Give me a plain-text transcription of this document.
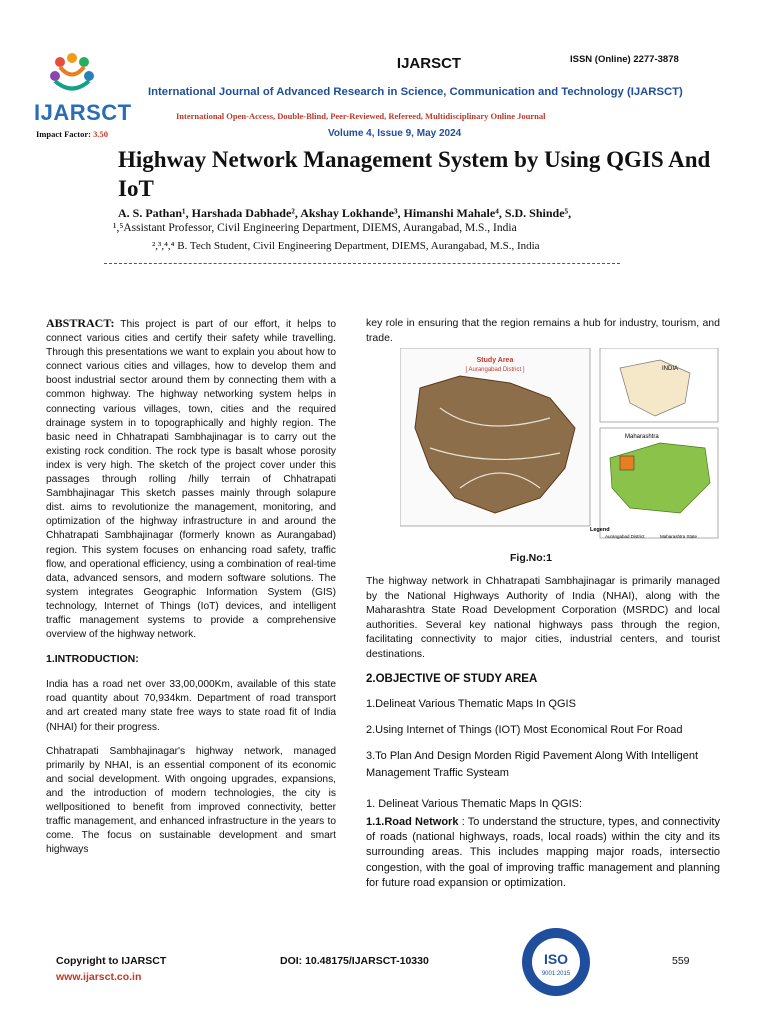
IJARSCT
Impact Factor: 3.50
IJARSCT	ISSN (Online) 2277-3878
International Journal of Advanced Research in Science, Communication and Technology (IJARSCT)
International Open-Access, Double-Blind, Peer-Reviewed, Refereed, Multidisciplinary Online Journal
Volume 4, Issue 9, May 2024
Highway Network Management System by Using QGIS And IoT
A. S. Pathan¹, Harshada Dabhade², Akshay Lokhande³, Himanshi Mahale⁴, S.D. Shinde⁵,
¹,⁵Assistant Professor, Civil Engineering Department, DIEMS, Aurangabad, M.S., India
²,³,⁴,⁴ B. Tech Student, Civil Engineering Department, DIEMS, Aurangabad, M.S., India
ABSTRACT: This project is part of our effort, it helps to connect various cities and certify their safety while travelling. Through this presentations we want to explain you about how to connect various cities and villages, how to develop them and boost industrial sector around them by connecting them with a common highway. The highway networking system helps in connecting various villages, town, cities and the required drainage system in to topographically and highly region. The basic need in Chhatrapati Sambhajinagar is to carry out the existing rock condition. The rock type is basalt whose porosity index is very high. The sketch of the project cover under this passages through rolling /hilly terrain of Chhatrapati Sambhajinagar This sketch passes mainly through solapure dist. aims to revolutionize the management, monitoring, and optimization of the highway infrastructure in and around the Chhatrapati Sambhajinagar (formerly known as Aurangabad) region. This system focuses on enhancing road safety, traffic flow, and operational efficiency, using a combination of real-time data, advanced sensors, and modern software solutions. The system integrates Geographic Information System (GIS) technology, Internet of Things (IoT) devices, and intelligent traffic management systems to provide a comprehensive overview of the highway network.
1.INTRODUCTION:
India has a road net over 33,00,000Km, available of this state road quantity about 70,934km. Department of road transport and art created many state free ways to state road fit of India (NHAI) for their progress.
Chhatrapati Sambhajinagar's highway network, managed primarily by NHAI, is an essential component of its economic and social development. With ongoing upgrades, expansions, and the introduction of modern technologies, the city is wellpositioned to benefit from improved connectivity, better traffic management, and enhanced infrastructure in the years to come. The focus on sustainable development and smart highways
key role in ensuring that the region remains a hub for industry, tourism, and trade.
Study Area
[ Aurangabad District ]	INDIA
Maharashtra
Legend
Aurangabad District	Maharashtra State
Fig.No:1
The highway network in Chhatrapati Sambhajinagar is primarily managed by the National Highways Authority of India (NHAI), along with the Maharashtra State Road Development Corporation (MSRDC) and local authorities. Several key national highways pass through the region, facilitating connectivity to major cities, industrial centers, and tourist destinations.
2.OBJECTIVE OF STUDY AREA
1.Delineat Various Thematic Maps In QGIS
2.Using Internet of Things (IOT) Most Economical Rout For Road
3.To Plan And Design Morden Rigid Pavement Along With Intelligent Management Traffic Systeam
1. Delineat Various Thematic Maps In QGIS:
1.1.Road Network : To understand the structure, types, and connectivity of roads (national highways, roads, local roads) within the city and its surrounding areas. This includes mapping major roads, intersectio congestion, with the goal of improving traffic management and planning for future road expansion or optimization.
Copyright to IJARSCT
www.ijarsct.co.in
DOI: 10.48175/IJARSCT-10330	ISO
9001:2015
559
